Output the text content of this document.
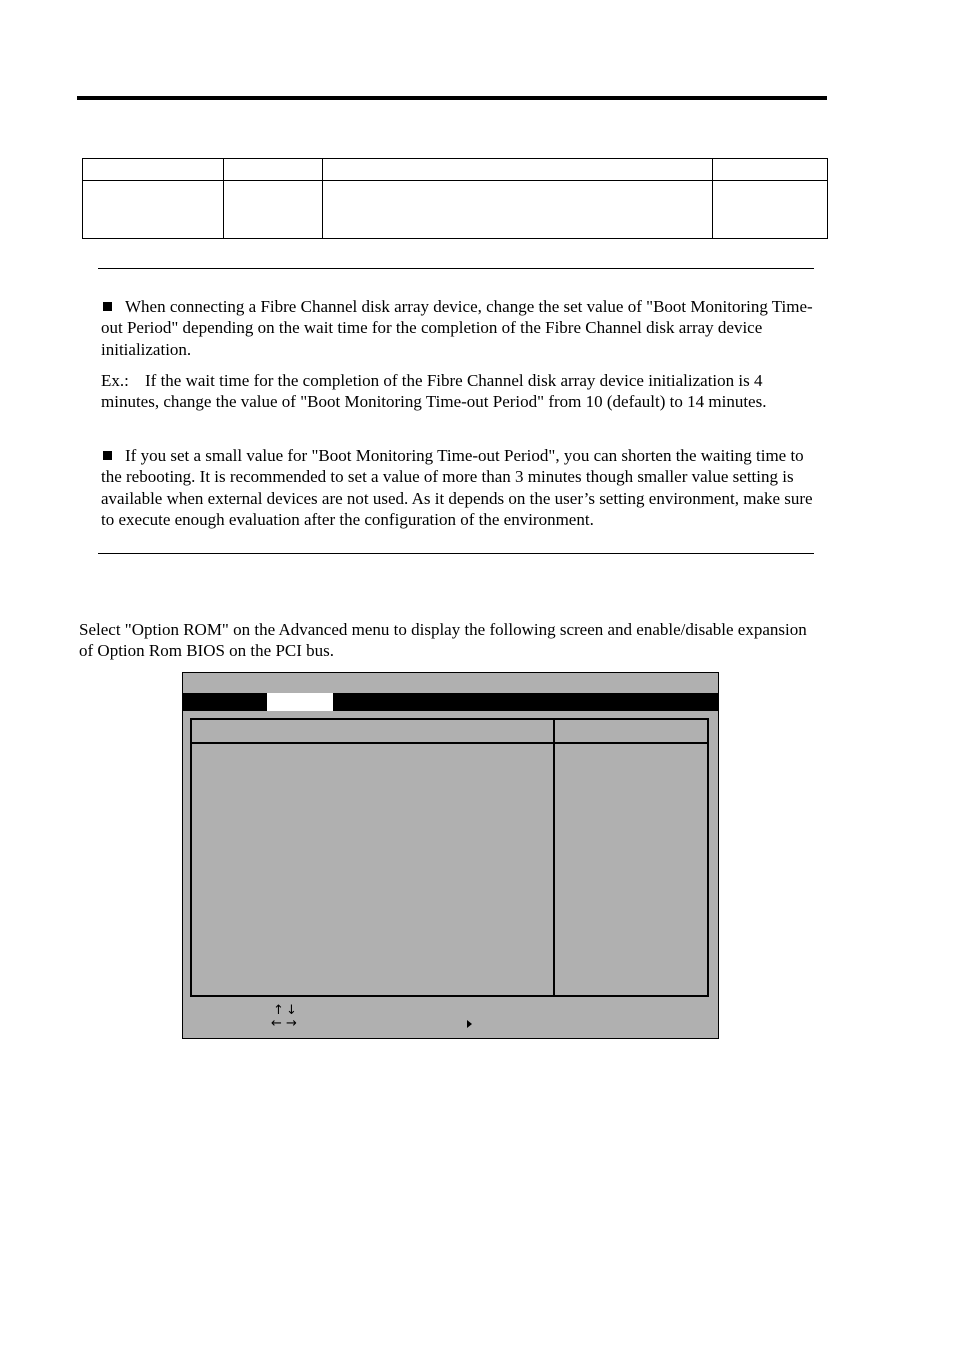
When connecting a Fibre Channel disk array device, change the set value of "Boot Monitoring Time-out Period" depending on the wait time for the completion of the Fibre Channel disk array device initialization.

Ex.: If the wait time for the completion of the Fibre Channel disk array device initialization is 4 minutes, change the value of "Boot Monitoring Time-out Period" from 10 (default) to 14 minutes.

If you set a small value for "Boot Monitoring Time-out Period", you can shorten the waiting time to the rebooting. It is recommended to set a value of more than 3 minutes though smaller value setting is available when external devices are not used. As it depends on the user’s setting environment, make sure to execute enough evaluation after the configuration of the environment.

Select "Option ROM" on the Advanced menu to display the following screen and enable/disable expansion of Option Rom BIOS on the PCI bus.

↑ ↓
← →
